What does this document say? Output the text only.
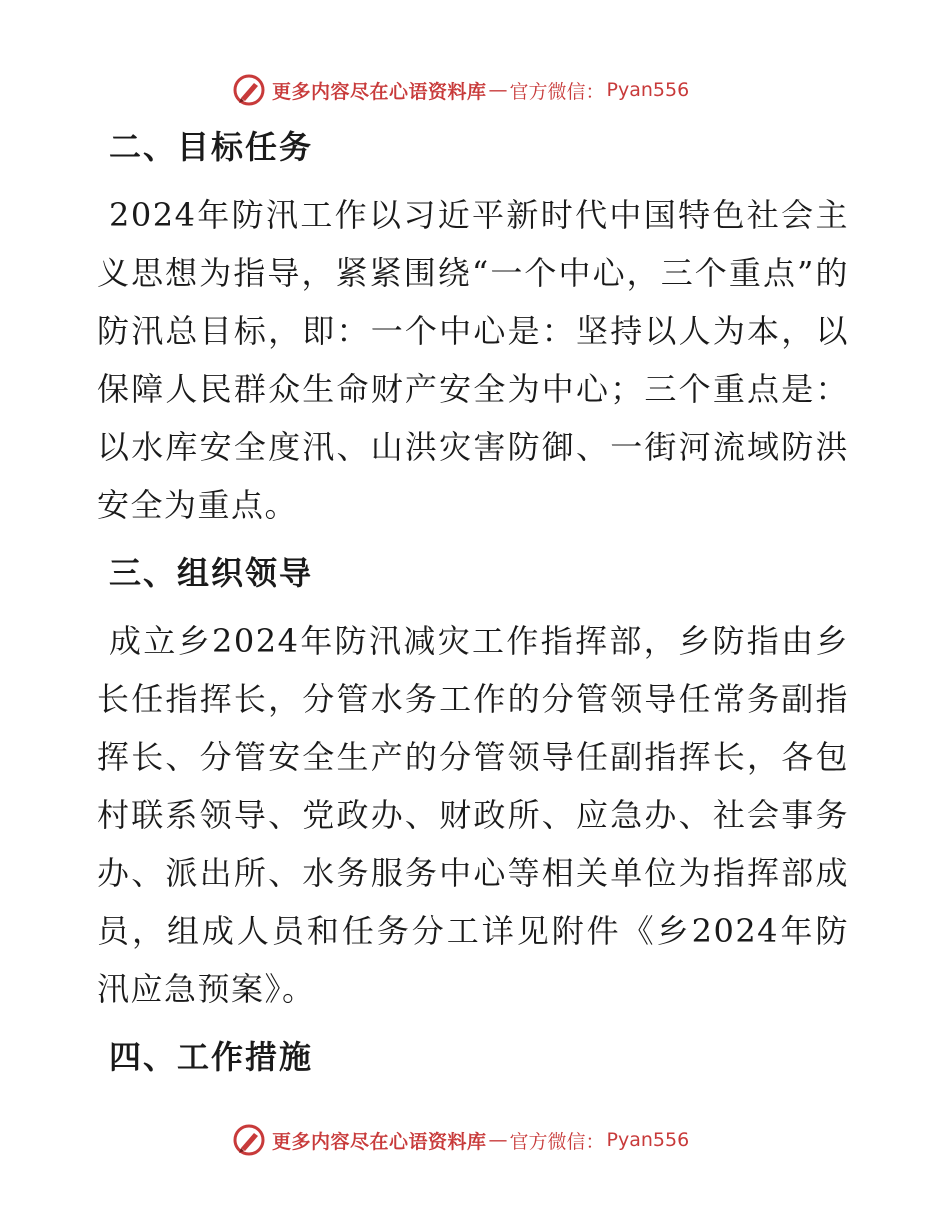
更多内容尽在心语资料库 — 官方微信： Pyan556
二、目标任务

2024年防汛工作以习近平新时代中国特色社会主义思想为指导，紧紧围绕“一个中心，三个重点”的防汛总目标，即：一个中心是：坚持以人为本，以保障人民群众生命财产安全为中心；三个重点是：以水库安全度汛、山洪灾害防御、一街河流域防洪安全为重点。

三、组织领导

成立乡2024年防汛减灾工作指挥部，乡防指由乡长任指挥长，分管水务工作的分管领导任常务副指挥长、分管安全生产的分管领导任副指挥长，各包村联系领导、党政办、财政所、应急办、社会事务办、派出所、水务服务中心等相关单位为指挥部成员，组成人员和任务分工详见附件《乡2024年防汛应急预案》。

四、工作措施
更多内容尽在心语资料库 — 官方微信： Pyan556
